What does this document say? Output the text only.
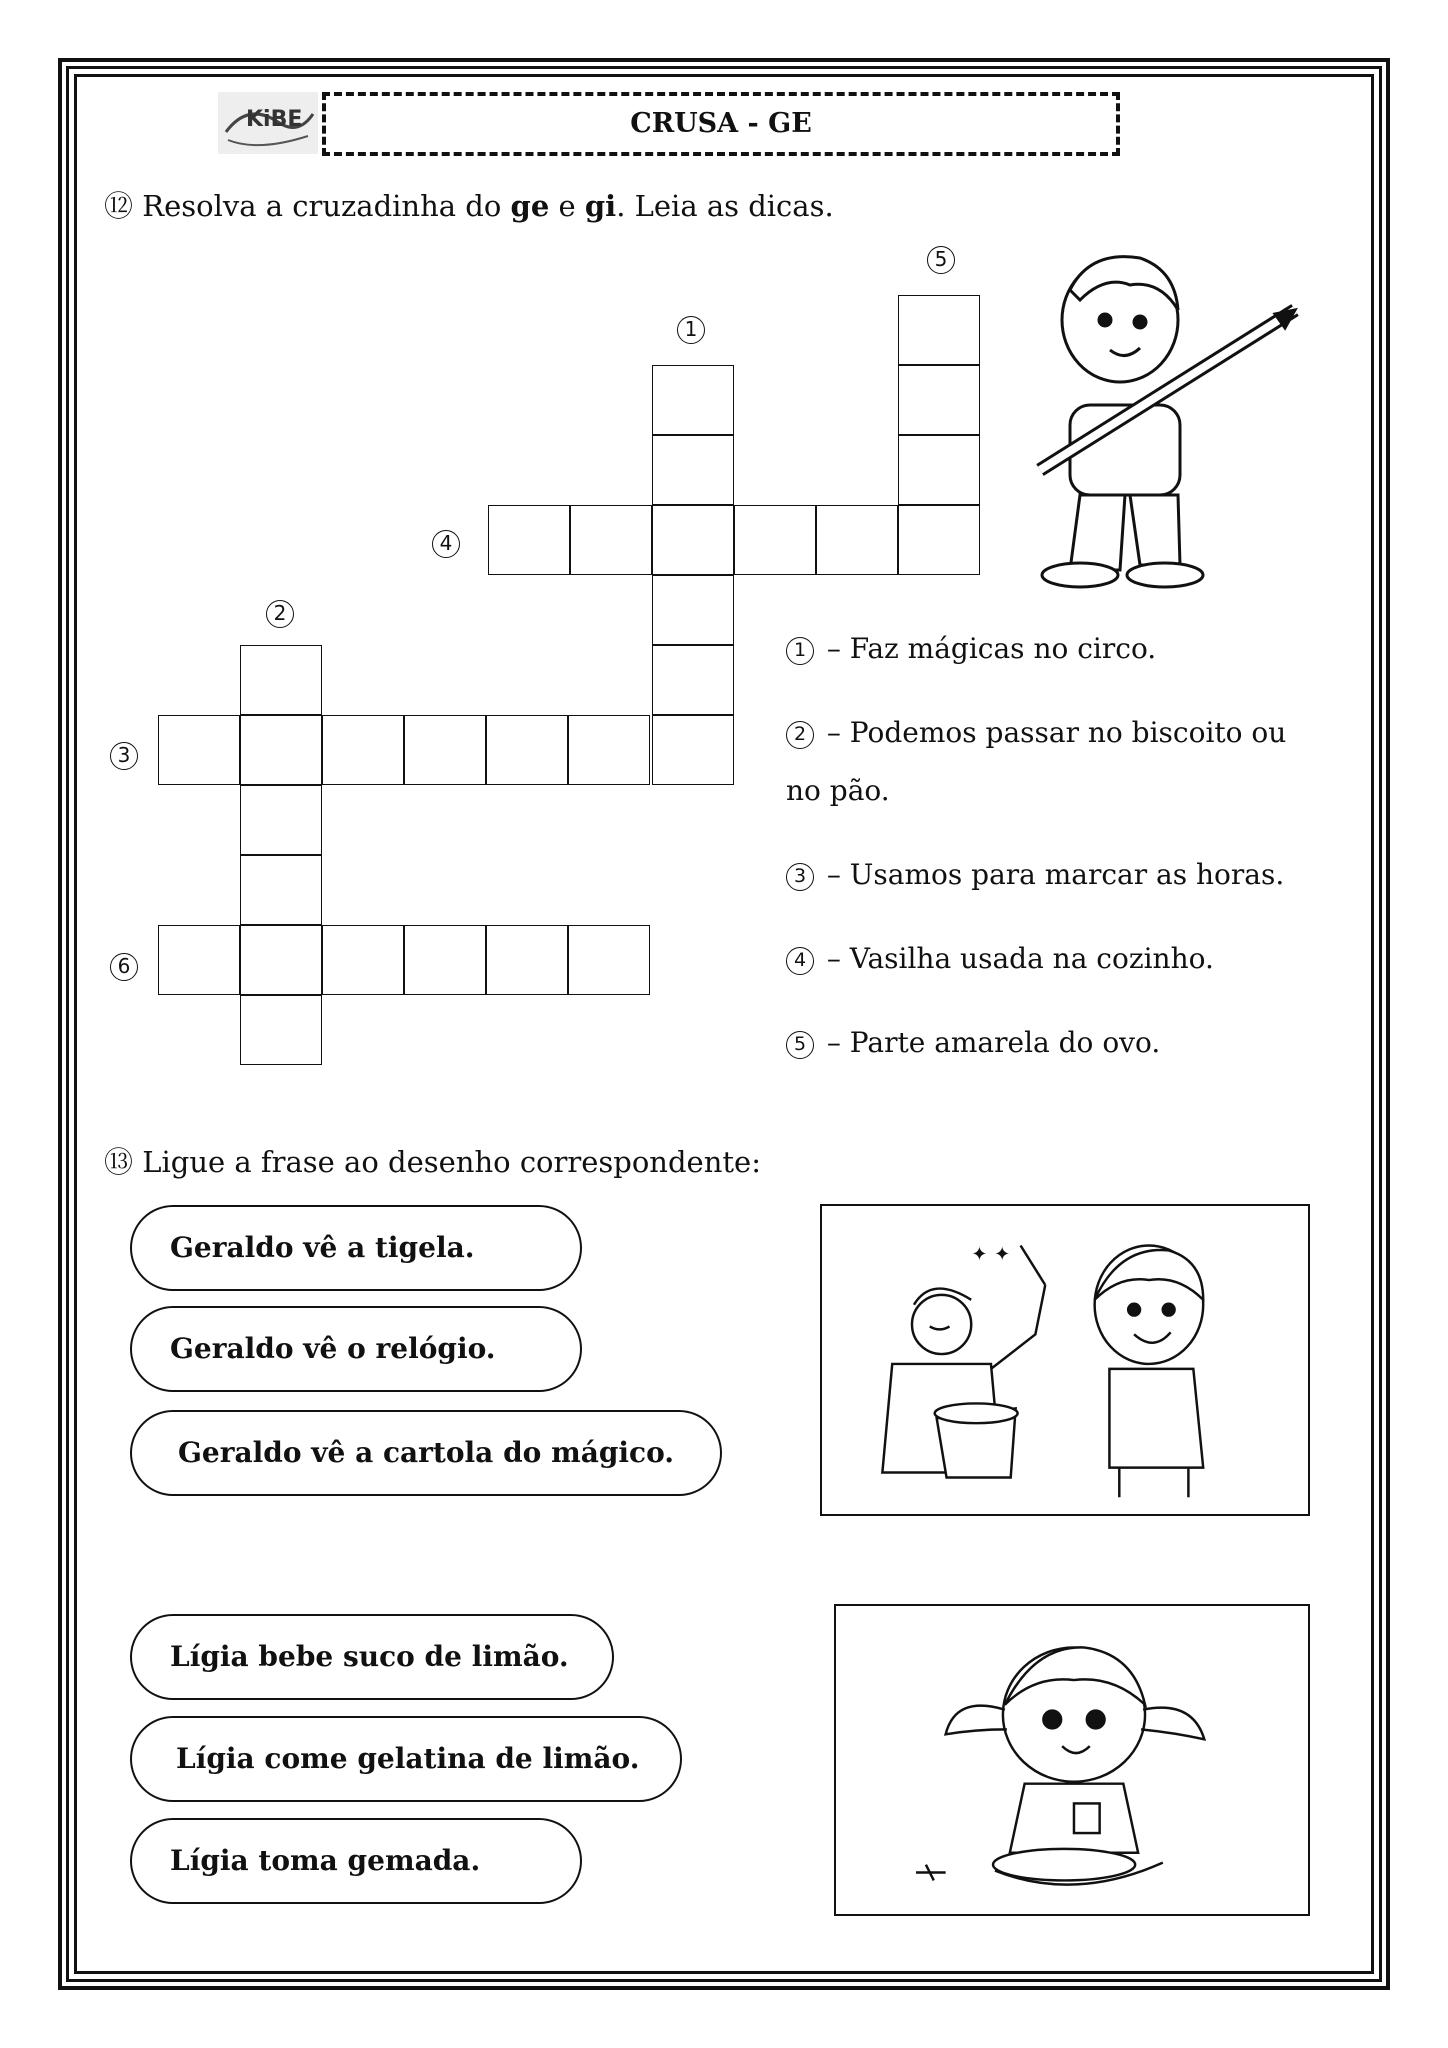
KiBE	CRUSA - GE
⑫ Resolva a cruzadinha do ge e gi. Leia as dicas.
1
2
3
4
5
6
1 – Faz mágicas no circo.
2 – Podemos passar no biscoito ou
no pão.
3 – Usamos para marcar as horas.
4 – Vasilha usada na cozinho.
5 – Parte amarela do ovo.
⑬ Ligue a frase ao desenho correspondente:
Geraldo vê a tigela.
Geraldo vê o relógio.
Geraldo vê a cartola do mágico.
✦ ✦
Lígia bebe suco de limão.
Lígia come gelatina de limão.
Lígia toma gemada.
